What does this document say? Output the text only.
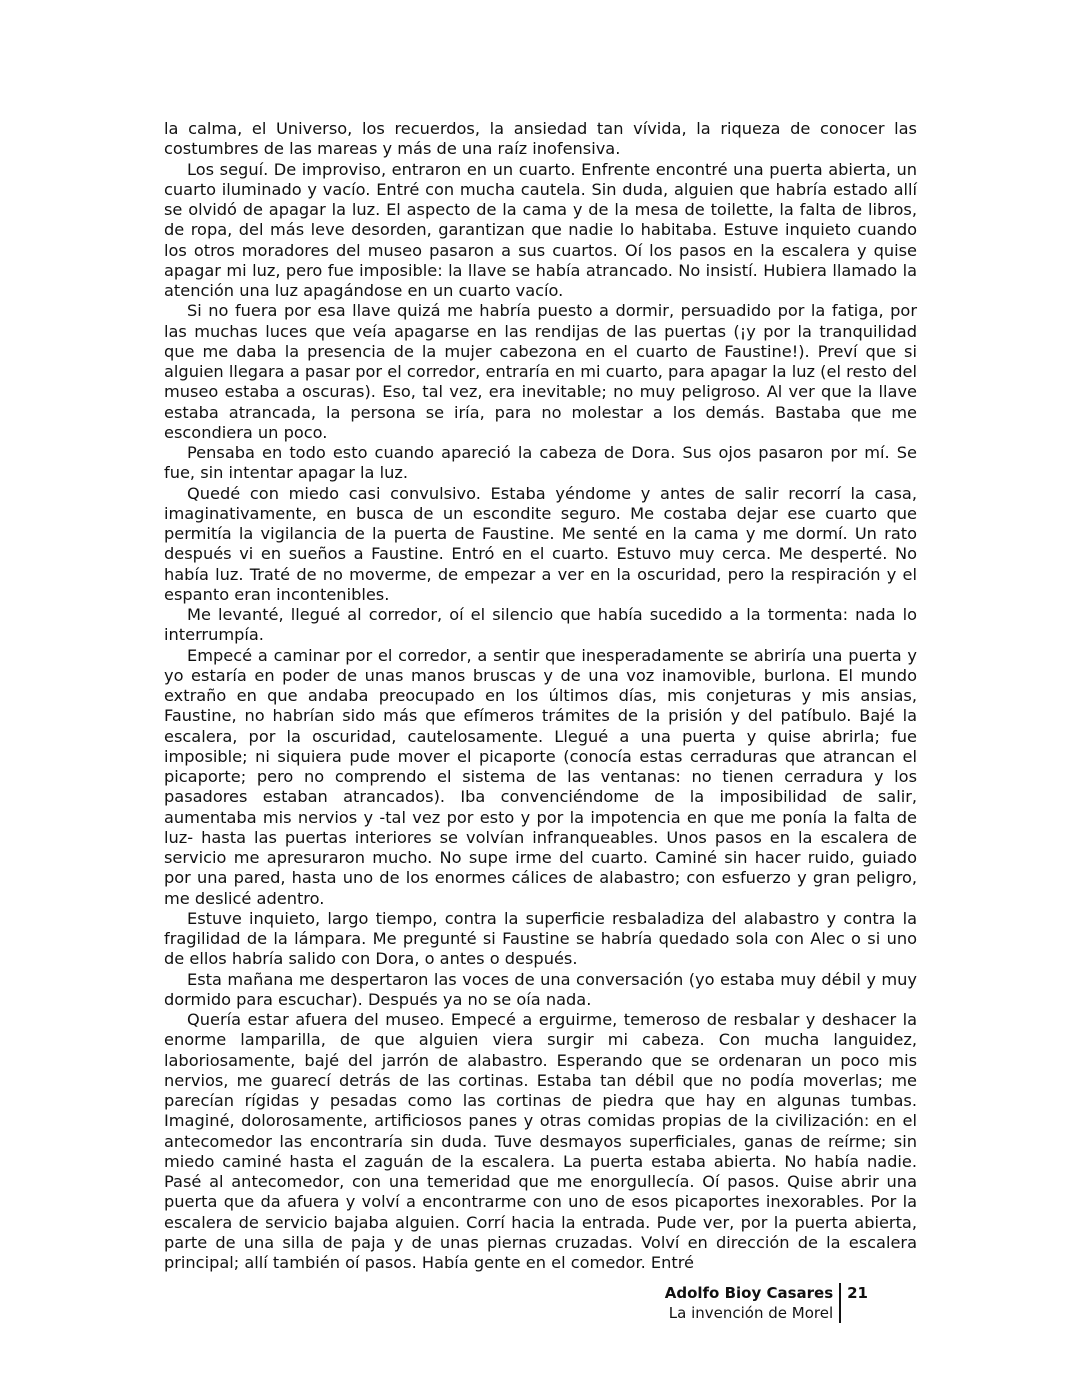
la calma, el Universo, los recuerdos, la ansiedad tan vívida, la riqueza de conocer las costumbres de las mareas y más de una raíz inofensiva.

Los seguí. De improviso, entraron en un cuarto. Enfrente encontré una puerta abierta, un cuarto iluminado y vacío. Entré con mucha cautela. Sin duda, alguien que habría estado allí se olvidó de apagar la luz. El aspecto de la cama y de la mesa de toilette, la falta de libros, de ropa, del más leve desorden, garantizan que nadie lo habitaba. Estuve inquieto cuando los otros moradores del museo pasaron a sus cuartos. Oí los pasos en la escalera y quise apagar mi luz, pero fue imposible: la llave se había atrancado. No insistí. Hubiera llamado la atención una luz apagándose en un cuarto vacío.

Si no fuera por esa llave quizá me habría puesto a dormir, persuadido por la fatiga, por las muchas luces que veía apagarse en las rendijas de las puertas (¡y por la tranquilidad que me daba la presencia de la mujer cabezona en el cuarto de Faustine!). Preví que si alguien llegara a pasar por el corredor, entraría en mi cuarto, para apagar la luz (el resto del museo estaba a oscuras). Eso, tal vez, era inevitable; no muy peligroso. Al ver que la llave estaba atrancada, la persona se iría, para no molestar a los demás. Bastaba que me escondiera un poco.

Pensaba en todo esto cuando apareció la cabeza de Dora. Sus ojos pasaron por mí. Se fue, sin intentar apagar la luz.

Quedé con miedo casi convulsivo. Estaba yéndome y antes de salir recorrí la casa, imaginativamente, en busca de un escondite seguro. Me costaba dejar ese cuarto que permitía la vigilancia de la puerta de Faustine. Me senté en la cama y me dormí. Un rato después vi en sueños a Faustine. Entró en el cuarto. Estuvo muy cerca. Me desperté. No había luz. Traté de no moverme, de empezar a ver en la oscuridad, pero la respiración y el espanto eran incontenibles.

Me levanté, llegué al corredor, oí el silencio que había sucedido a la tormenta: nada lo interrumpía.

Empecé a caminar por el corredor, a sentir que inesperadamente se abriría una puerta y yo estaría en poder de unas manos bruscas y de una voz inamovible, burlona. El mundo extraño en que andaba preocupado en los últimos días, mis conjeturas y mis ansias, Faustine, no habrían sido más que efímeros trámites de la prisión y del patíbulo. Bajé la escalera, por la oscuridad, cautelosamente. Llegué a una puerta y quise abrirla; fue imposible; ni siquiera pude mover el picaporte (conocía estas cerraduras que atrancan el picaporte; pero no comprendo el sistema de las ventanas: no tienen cerradura y los pasadores estaban atrancados). Iba convenciéndome de la imposibilidad de salir, aumentaba mis nervios y -tal vez por esto y por la impotencia en que me ponía la falta de luz- hasta las puertas interiores se volvían infranqueables. Unos pasos en la escalera de servicio me apresuraron mucho. No supe irme del cuarto. Caminé sin hacer ruido, guiado por una pared, hasta uno de los enormes cálices de alabastro; con esfuerzo y gran peligro, me deslicé adentro.

Estuve inquieto, largo tiempo, contra la superficie resbaladiza del alabastro y contra la fragilidad de la lámpara. Me pregunté si Faustine se habría quedado sola con Alec o si uno de ellos habría salido con Dora, o antes o después.

Esta mañana me despertaron las voces de una conversación (yo estaba muy débil y muy dormido para escuchar). Después ya no se oía nada.

Quería estar afuera del museo. Empecé a erguirme, temeroso de resbalar y deshacer la enorme lamparilla, de que alguien viera surgir mi cabeza. Con mucha languidez, laboriosamente, bajé del jarrón de alabastro. Esperando que se ordenaran un poco mis nervios, me guarecí detrás de las cortinas. Estaba tan débil que no podía moverlas; me parecían rígidas y pesadas como las cortinas de piedra que hay en algunas tumbas. Imaginé, dolorosamente, artificiosos panes y otras comidas propias de la civilización: en el antecomedor las encontraría sin duda. Tuve desmayos superficiales, ganas de reírme; sin miedo caminé hasta el zaguán de la escalera. La puerta estaba abierta. No había nadie. Pasé al antecomedor, con una temeridad que me enorgullecía. Oí pasos. Quise abrir una puerta que da afuera y volví a encontrarme con uno de esos picaportes inexorables. Por la escalera de servicio bajaba alguien. Corrí hacia la entrada. Pude ver, por la puerta abierta, parte de una silla de paja y de unas piernas cruzadas. Volví en dirección de la escalera principal; allí también oí pasos. Había gente en el comedor. Entré

Adolfo Bioy Casares
La invención de Morel
21
